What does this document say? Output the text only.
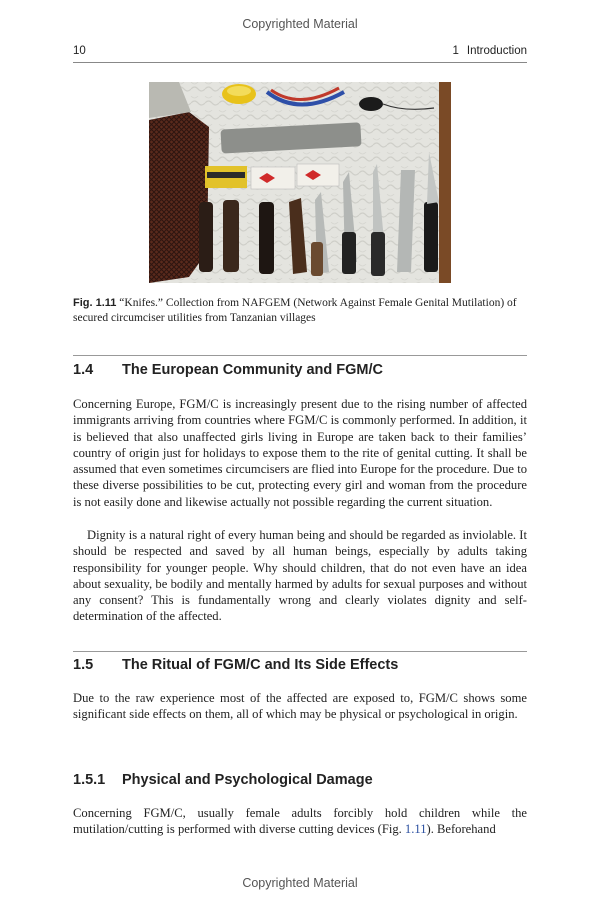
Copyrighted Material
10	1 Introduction
Fig. 1.11 “Knifes.” Collection from NAFGEM (Network Against Female Genital Mutilation) of secured circumciser utilities from Tanzanian villages
1.4 The European Community and FGM/C
Concerning Europe, FGM/C is increasingly present due to the rising number of affected immigrants arriving from countries where FGM/C is commonly performed. In addition, it is believed that also unaffected girls living in Europe are taken back to their families’ country of origin just for holidays to expose them to the rite of genital cutting. It shall be assumed that even sometimes circumcisers are flied into Europe for the procedure. Due to these diverse possibilities to be cut, protecting every girl and woman from the procedure is not easily done and likewise actually not possible regarding the current situation.
Dignity is a natural right of every human being and should be regarded as inviolable. It should be respected and saved by all human beings, especially by adults taking responsibility for younger people. Why should children, that do not even have an idea about sexuality, be bodily and mentally harmed by adults for sexual purposes and without any consent? This is fundamentally wrong and clearly violates dignity and self-determination of the affected.
1.5 The Ritual of FGM/C and Its Side Effects
Due to the raw experience most of the affected are exposed to, FGM/C shows some significant side effects on them, all of which may be physical or psychological in origin.
1.5.1 Physical and Psychological Damage
Concerning FGM/C, usually female adults forcibly hold children while the mutilation/cutting is performed with diverse cutting devices (Fig. 1.11). Beforehand
Copyrighted Material
